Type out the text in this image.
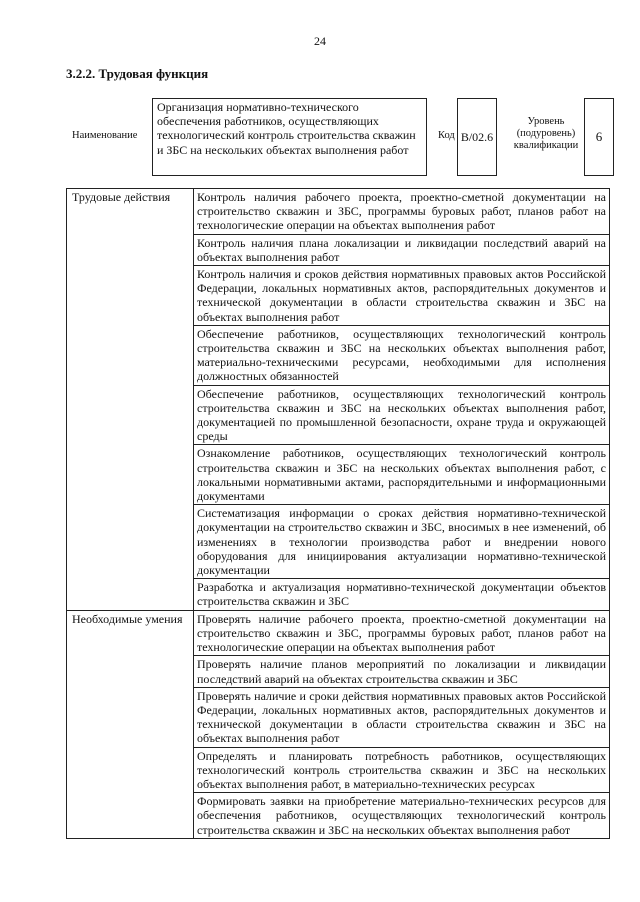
24
3.2.2. Трудовая функция
Наименование
Организация нормативно-технического обеспечения работников, осуществляющих технологический контроль строительства скважин и ЗБС на нескольких объектах выполнения работ
Код B/02.6
Уровень (подуровень) квалификации
6
Трудовые действия	Контроль наличия рабочего проекта, проектно-сметной документации на строительство скважин и ЗБС, программы буровых работ, планов работ на технологические операции на объектах выполнения работ
	Контроль наличия плана локализации и ликвидации последствий аварий на объектах выполнения работ
	Контроль наличия и сроков действия нормативных правовых актов Российской Федерации, локальных нормативных актов, распорядительных документов и технической документации в области строительства скважин и ЗБС на объектах выполнения работ
	Обеспечение работников, осуществляющих технологический контроль строительства скважин и ЗБС на нескольких объектах выполнения работ, материально-техническими ресурсами, необходимыми для исполнения должностных обязанностей
	Обеспечение работников, осуществляющих технологический контроль строительства скважин и ЗБС на нескольких объектах выполнения работ, документацией по промышленной безопасности, охране труда и окружающей среды
	Ознакомление работников, осуществляющих технологический контроль строительства скважин и ЗБС на нескольких объектах выполнения работ, с локальными нормативными актами, распорядительными и информационными документами
	Систематизация информации о сроках действия нормативно-технической документации на строительство скважин и ЗБС, вносимых в нее изменений, об изменениях в технологии производства работ и внедрении нового оборудования для инициирования актуализации нормативно-технической документации
	Разработка и актуализация нормативно-технической документации объектов строительства скважин и ЗБС
Необходимые умения	Проверять наличие рабочего проекта, проектно-сметной документации на строительство скважин и ЗБС, программы буровых работ, планов работ на технологические операции на объектах выполнения работ
	Проверять наличие планов мероприятий по локализации и ликвидации последствий аварий на объектах строительства скважин и ЗБС
	Проверять наличие и сроки действия нормативных правовых актов Российской Федерации, локальных нормативных актов, распорядительных документов и технической документации в области строительства скважин и ЗБС на объектах выполнения работ
	Определять и планировать потребность работников, осуществляющих технологический контроль строительства скважин и ЗБС на нескольких объектах выполнения работ, в материально-технических ресурсах
	Формировать заявки на приобретение материально-технических ресурсов для обеспечения работников, осуществляющих технологический контроль строительства скважин и ЗБС на нескольких объектах выполнения работ
